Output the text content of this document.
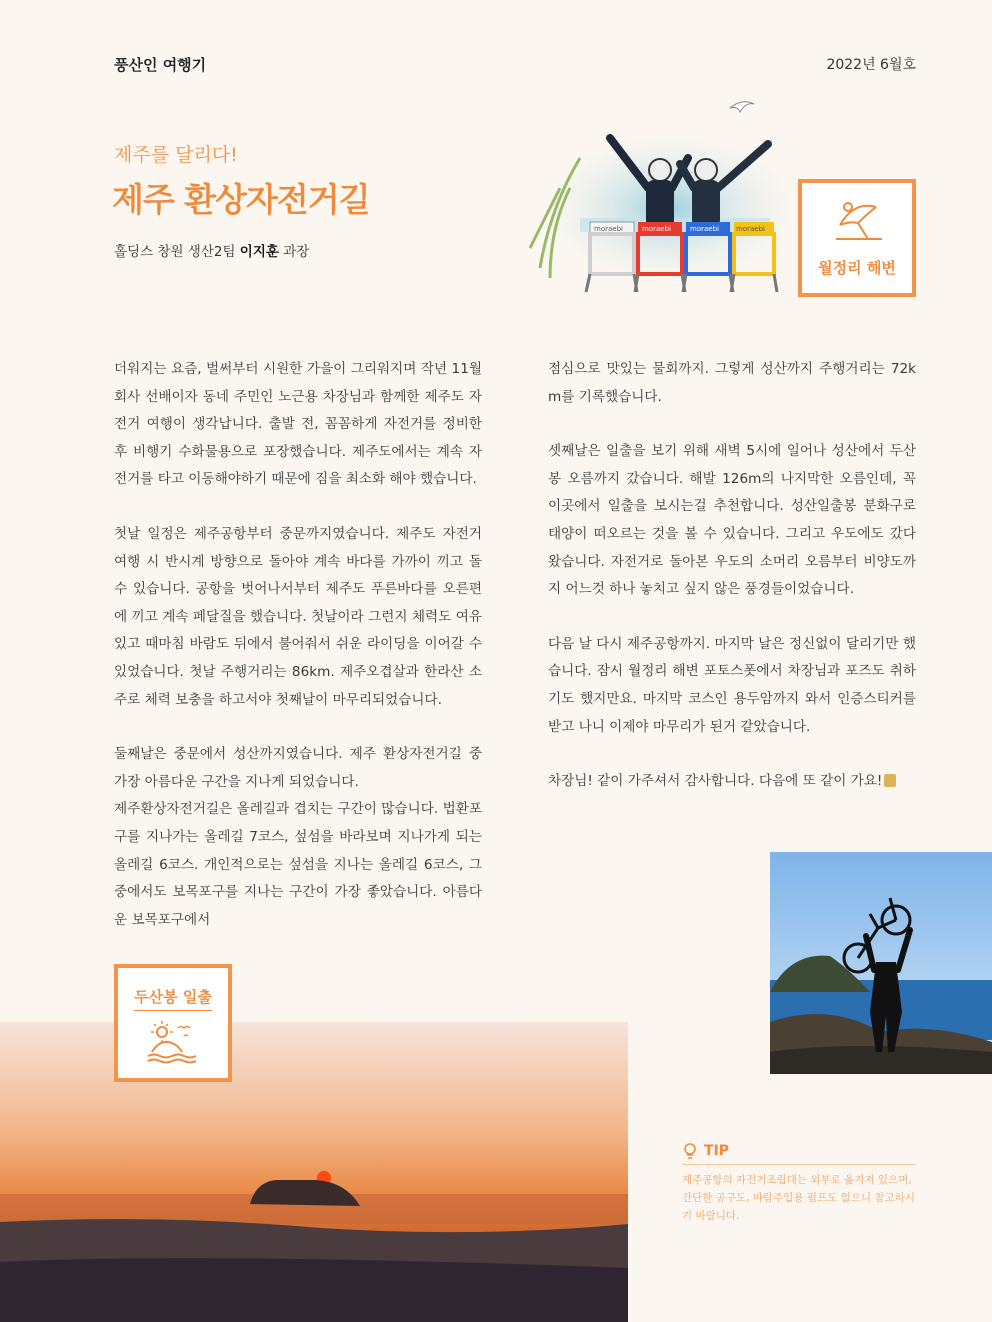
풍산인 여행기	2022년 6월호
제주를 달리다!
제주 환상자전거길
홀딩스 창원 생산2팀 이지훈 과장
moraebi	moraebi	moraebi moraebi
월정리 해변

더워지는 요즘, 벌써부터 시원한 가을이 그리워지며 작년 11월 회사 선배이자 동네 주민인 노근용 차장님과 함께한 제주도 자전거 여행이 생각납니다. 출발 전, 꼼꼼하게 자전거를 정비한 후 비행기 수화물용으로 포장했습니다. 제주도에서는 계속 자전거를 타고 이동해야하기 때문에 짐을 최소화 해야 했습니다.

첫날 일정은 제주공항부터 중문까지였습니다. 제주도 자전거 여행 시 반시계 방향으로 돌아야 계속 바다를 가까이 끼고 돌 수 있습니다. 공항을 벗어나서부터 제주도 푸른바다를 오른편에 끼고 계속 페달질을 했습니다. 첫날이라 그런지 체력도 여유 있고 때마침 바람도 뒤에서 불어줘서 쉬운 라이딩을 이어갈 수 있었습니다. 첫날 주행거리는 86km. 제주오겹살과 한라산 소주로 체력 보충을 하고서야 첫째날이 마무리되었습니다.

둘째날은 중문에서 성산까지였습니다. 제주 환상자전거길 중 가장 아름다운 구간을 지나게 되었습니다.

제주환상자전거길은 올레길과 겹치는 구간이 많습니다. 법환포구를 지나가는 올레길 7코스, 섶섬을 바라보며 지나가게 되는 올레길 6코스. 개인적으로는 섶섬을 지나는 올레길 6코스, 그중에서도 보목포구를 지나는 구간이 가장 좋았습니다. 아름다운 보목포구에서

점심으로 맛있는 물회까지. 그렇게 성산까지 주행거리는 72km를 기록했습니다.

셋째날은 일출을 보기 위해 새벽 5시에 일어나 성산에서 두산봉 오름까지 갔습니다. 해발 126m의 나지막한 오름인데, 꼭 이곳에서 일출을 보시는걸 추천합니다. 성산일출봉 분화구로 태양이 떠오르는 것을 볼 수 있습니다. 그리고 우도에도 갔다 왔습니다. 자전거로 돌아본 우도의 소머리 오름부터 비양도까지 어느것 하나 놓치고 싶지 않은 풍경들이었습니다.

다음 날 다시 제주공항까지. 마지막 날은 정신없이 달리기만 했습니다. 잠시 월정리 해변 포토스폿에서 차장님과 포즈도 취하기도 했지만요. 마지막 코스인 용두암까지 와서 인증스티커를 받고 나니 이제야 마무리가 된거 같았습니다.

차장님! 같이 가주셔서 감사합니다. 다음에 또 같이 가요!

두산봉 일출
TIP
제주공항의 자전거조립대는 외부로 옮겨져 있으며, 간단한 공구도, 바람주입용 펌프도 없으니 참고하시기 바랍니다.
